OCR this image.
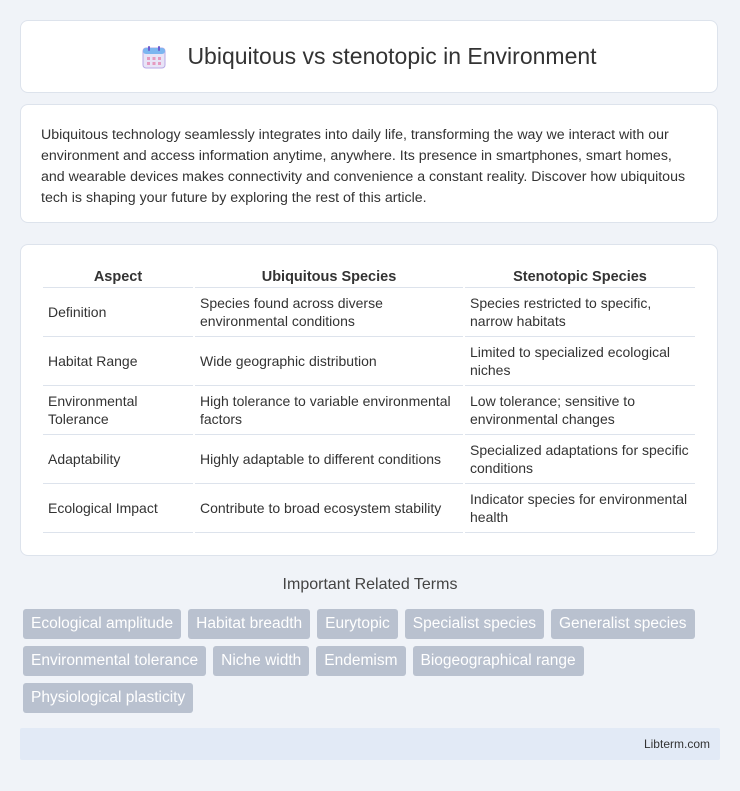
Ubiquitous vs stenotopic in Environment

Ubiquitous technology seamlessly integrates into daily life, transforming the way we interact with our environment and access information anytime, anywhere. Its presence in smartphones, smart homes, and wearable devices makes connectivity and convenience a constant reality. Discover how ubiquitous tech is shaping your future by exploring the rest of this article.

Aspect	Ubiquitous Species	Stenotopic Species
Definition	Species found across diverse environmental conditions	Species restricted to specific, narrow habitats
Habitat Range	Wide geographic distribution	Limited to specialized ecological niches
Environmental Tolerance	High tolerance to variable environmental factors	Low tolerance; sensitive to environmental changes
Adaptability	Highly adaptable to different conditions	Specialized adaptations for specific conditions
Ecological Impact	Contribute to broad ecosystem stability	Indicator species for environmental health
Important Related Terms
Ecological amplitude	Habitat breadth	Eurytopic	Specialist species	Generalist species
Environmental tolerance	Niche width	Endemism	Biogeographical range
Physiological plasticity
Libterm.com
